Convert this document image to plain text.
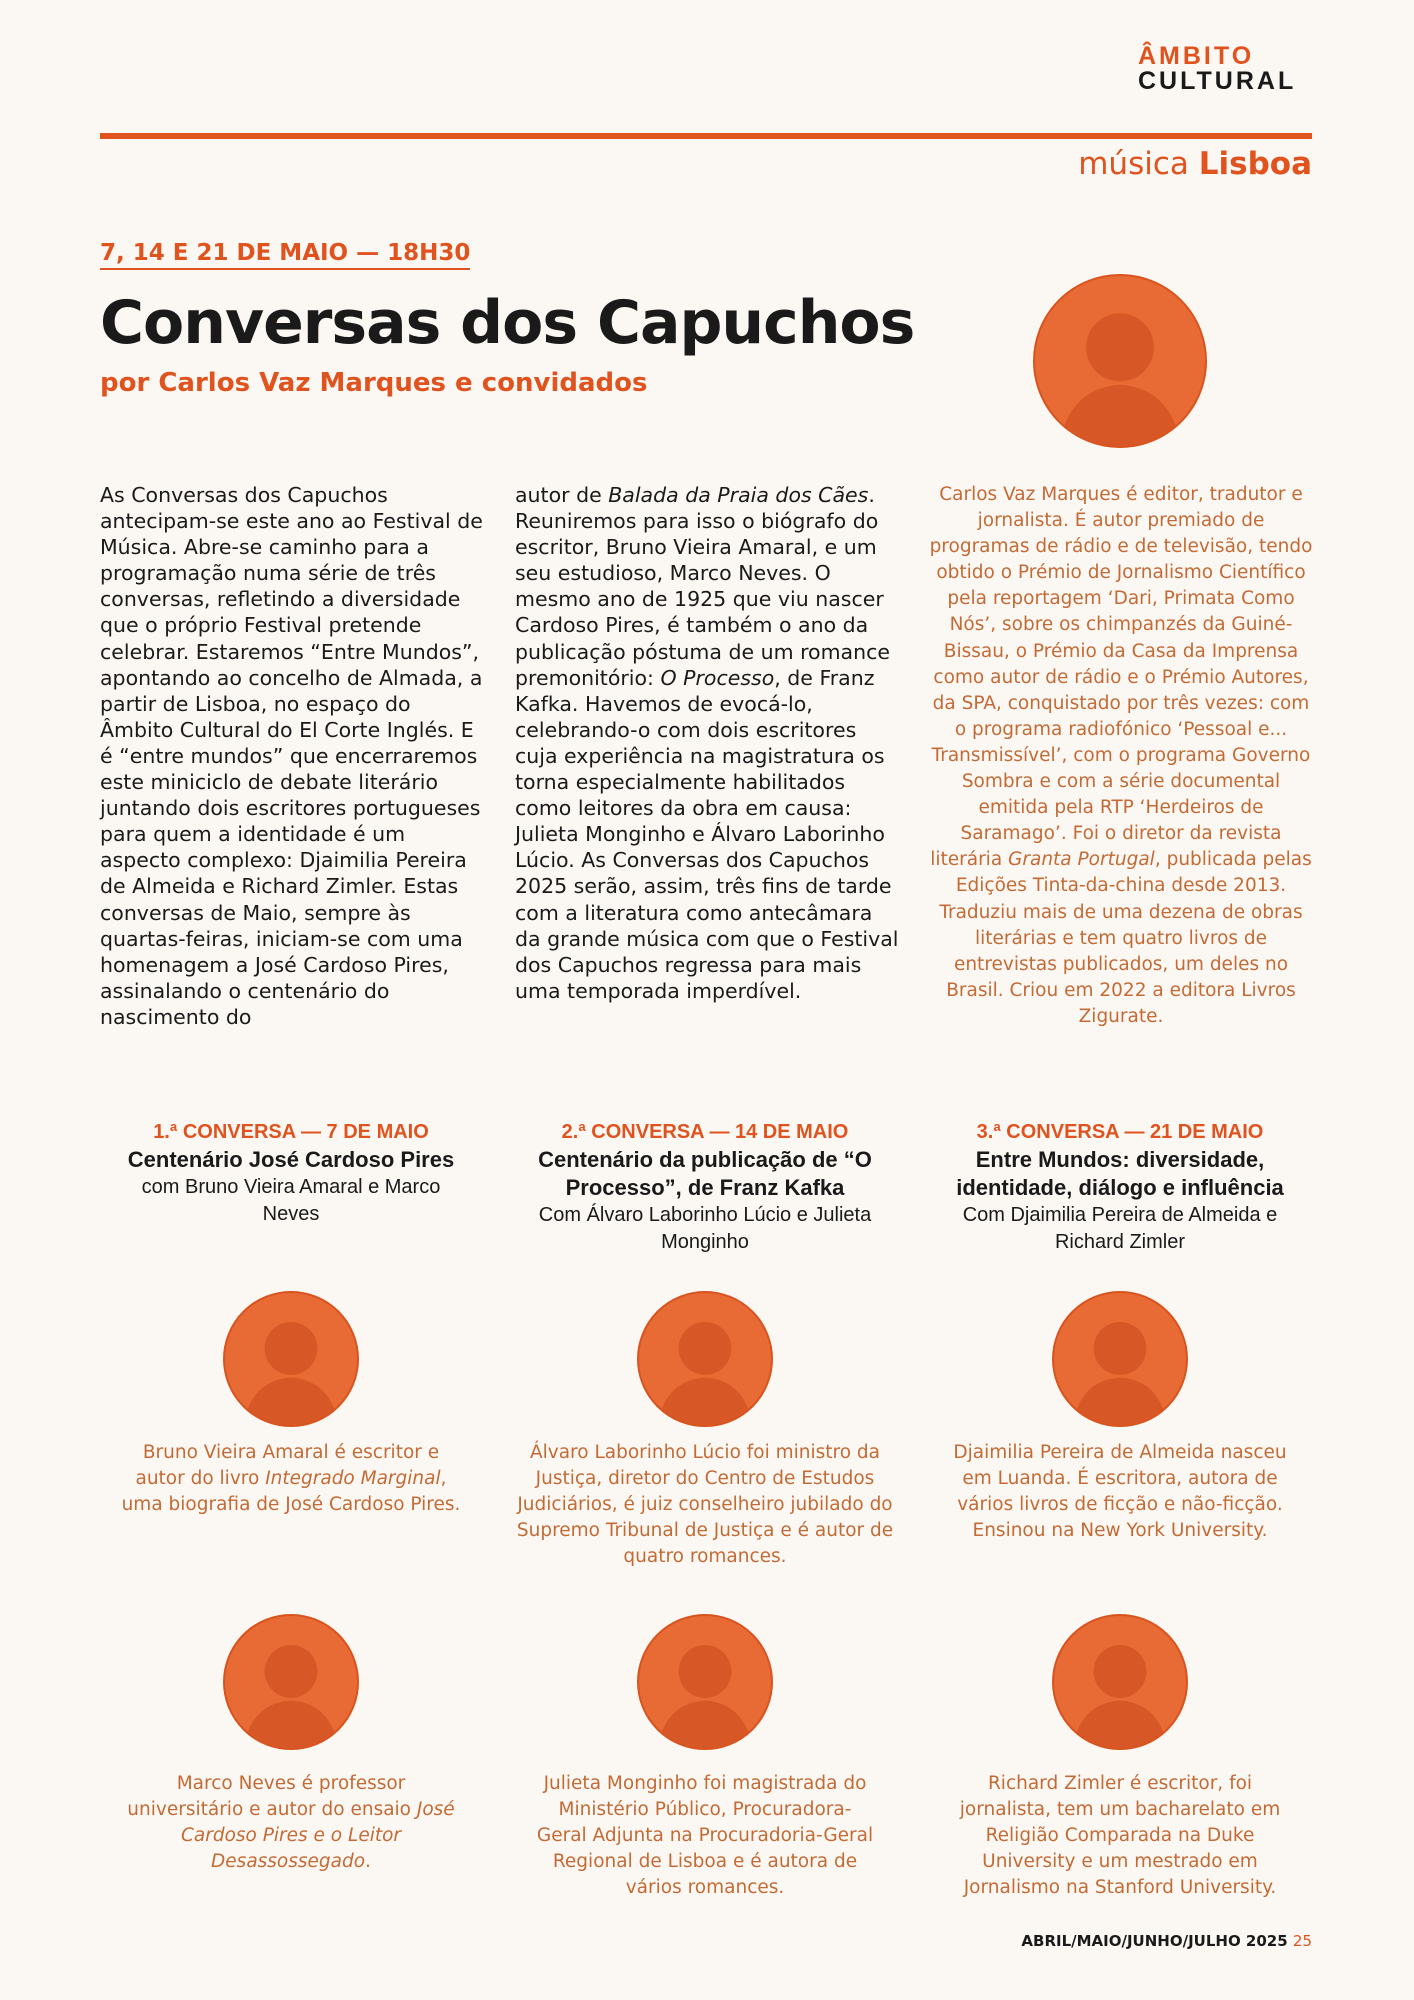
ÂMBITO
CULTURAL
música Lisboa
7, 14 E 21 DE MAIO — 18H30
Conversas dos Capuchos
por Carlos Vaz Marques e convidados
As Conversas dos Capuchos antecipam-se este ano ao Festival de Música. Abre-se caminho para a programação numa série de três conversas, refletindo a diversidade que o próprio Festival pretende celebrar. Estaremos “Entre Mundos”, apontando ao concelho de Almada, a partir de Lisboa, no espaço do Âmbito Cultural do El Corte Inglés. E é “entre mundos” que encerraremos este miniciclo de debate literário juntando dois escritores portugueses para quem a identidade é um aspecto complexo: Djaimilia Pereira de Almeida e Richard Zimler. Estas conversas de Maio, sempre às quartas-feiras, iniciam-se com uma homenagem a José Cardoso Pires, assinalando o centenário do nascimento do
autor de Balada da Praia dos Cães. Reuniremos para isso o biógrafo do escritor, Bruno Vieira Amaral, e um seu estudioso, Marco Neves. O mesmo ano de 1925 que viu nascer Cardoso Pires, é também o ano da publicação póstuma de um romance premonitório: O Processo, de Franz Kafka. Havemos de evocá-lo, celebrando-o com dois escritores cuja experiência na magistratura os torna especialmente habilitados como leitores da obra em causa: Julieta Monginho e Álvaro Laborinho Lúcio. As Conversas dos Capuchos 2025 serão, assim, três fins de tarde com a literatura como antecâmara da grande música com que o Festival dos Capuchos regressa para mais uma temporada imperdível.
Carlos Vaz Marques é editor, tradutor e jornalista. É autor premiado de programas de rádio e de televisão, tendo obtido o Prémio de Jornalismo Científico pela reportagem ‘Dari, Primata Como Nós’, sobre os chimpanzés da Guiné-Bissau, o Prémio da Casa da Imprensa como autor de rádio e o Prémio Autores, da SPA, conquistado por três vezes: com o programa radiofónico ‘Pessoal e... Transmissível’, com o programa Governo Sombra e com a série documental emitida pela RTP ‘Herdeiros de Saramago’. Foi o diretor da revista literária Granta Portugal, publicada pelas Edições Tinta-da-china desde 2013. Traduziu mais de uma dezena de obras literárias e tem quatro livros de entrevistas publicados, um deles no Brasil. Criou em 2022 a editora Livros Zigurate.
1.ª CONVERSA — 7 DE MAIO
Centenário José Cardoso Pires
com Bruno Vieira Amaral e Marco Neves
Bruno Vieira Amaral é escritor e autor do livro Integrado Marginal, uma biografia de José Cardoso Pires.
Marco Neves é professor universitário e autor do ensaio José Cardoso Pires e o Leitor Desassossegado.
2.ª CONVERSA — 14 DE MAIO
Centenário da publicação de “O Processo”, de Franz Kafka
Com Álvaro Laborinho Lúcio e Julieta Monginho
Álvaro Laborinho Lúcio foi ministro da Justiça, diretor do Centro de Estudos Judiciários, é juiz conselheiro jubilado do Supremo Tribunal de Justiça e é autor de quatro romances.
Julieta Monginho foi magistrada do Ministério Público, Procuradora-Geral Adjunta na Procuradoria-Geral Regional de Lisboa e é autora de vários romances.
3.ª CONVERSA — 21 DE MAIO
Entre Mundos: diversidade, identidade, diálogo e influência
Com Djaimilia Pereira de Almeida e Richard Zimler
Djaimilia Pereira de Almeida nasceu em Luanda. É escritora, autora de vários livros de ficção e não-ficção. Ensinou na New York University.
Richard Zimler é escritor, foi jornalista, tem um bacharelato em Religião Comparada na Duke University e um mestrado em Jornalismo na Stanford University.
ABRIL/MAIO/JUNHO/JULHO 2025 25
